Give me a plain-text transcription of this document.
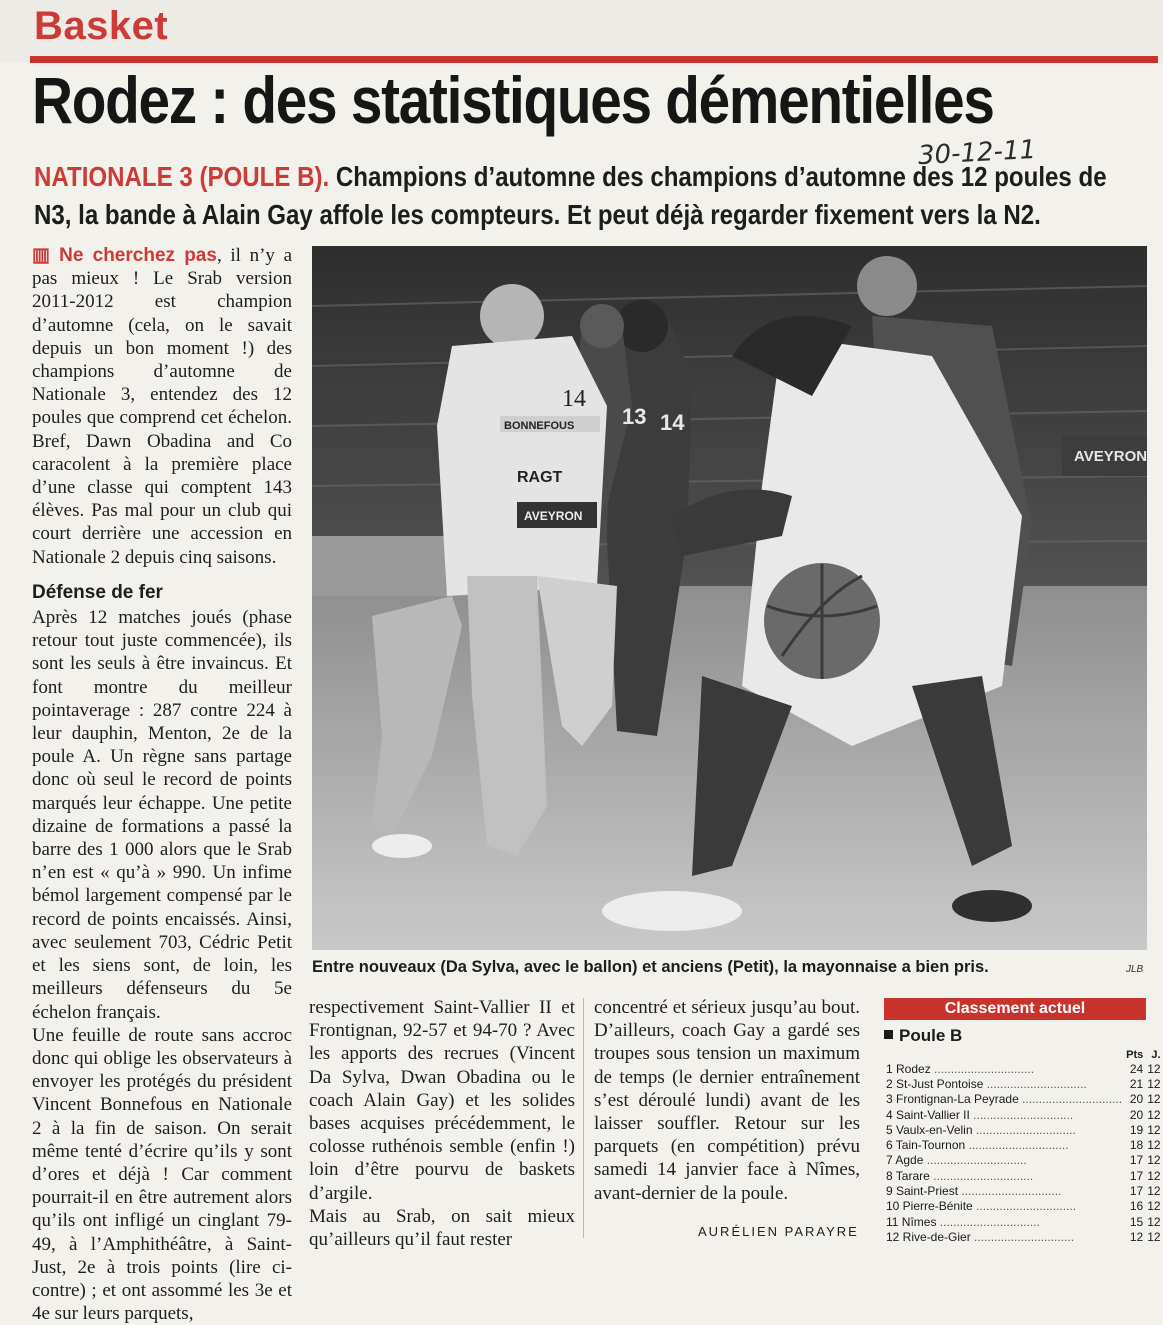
Basket
Rodez : des statistiques démentielles
30-12-11
NATIONALE 3 (POULE B). Champions d’automne des champions d’automne des 12 poules de N3, la bande à Alain Gay affole les compteurs. Et peut déjà regarder fixement vers la N2.

▥ Ne cherchez pas, il n’y a pas mieux ! Le Srab version 2011-2012 est champion d’automne (cela, on le savait depuis un bon moment !) des champions d’automne de Nationale 3, entendez des 12 poules que comprend cet échelon. Bref, Dawn Obadina and Co caracolent à la première place d’une classe qui comptent 143 élèves. Pas mal pour un club qui court derrière une accession en Nationale 2 depuis cinq saisons.

Défense de fer

Après 12 matches joués (phase retour tout juste commencée), ils sont les seuls à être invaincus. Et font montre du meilleur pointaverage : 287 contre 224 à leur dauphin, Menton, 2e de la poule A. Un règne sans partage donc où seul le record de points marqués leur échappe. Une petite dizaine de formations a passé la barre des 1 000 alors que le Srab n’en est « qu’à » 990. Un infime bémol largement compensé par le record de points encaissés. Ainsi, avec seulement 703, Cédric Petit et les siens sont, de loin, les meilleurs défenseurs du 5e échelon français.

Une feuille de route sans accroc donc qui oblige les observateurs à envoyer les protégés du président Vincent Bonnefous en Nationale 2 à la fin de saison. On serait même tenté d’écrire qu’ils y sont d’ores et déjà ! Car comment pourrait-il en être autrement alors qu’ils ont infligé un cinglant 79-49, à l’Amphithéâtre, à Saint-Just, 2e à trois points (lire ci-contre) ; et ont assommé les 3e et 4e sur leurs parquets,

AVEYRON
13 14
14
BONNEFOUS
RAGT
AVEYRON
Entre nouveaux (Da Sylva, avec le ballon) et anciens (Petit), la mayonnaise a bien pris.	JLB

respectivement Saint-Vallier II et Frontignan, 92-57 et 94-70 ? Avec les apports des recrues (Vincent Da Sylva, Dwan Obadina ou le coach Alain Gay) et les solides bases acquises précédemment, le colosse ruthénois semble (enfin !) loin d’être pourvu de baskets d’argile.

Mais au Srab, on sait mieux qu’ailleurs qu’il faut rester

concentré et sérieux jusqu’au bout. D’ailleurs, coach Gay a gardé ses troupes sous tension un maximum de temps (le dernier entraînement s’est déroulé lundi) avant de les laisser souffler. Retour sur les parquets (en compétition) prévu samedi 14 janvier face à Nîmes, avant-dernier de la poule.

AURÉLIEN PARAYRE
Classement actuel
Poule B
	Pts	J.	
1 Rodez ..............................	24	12	
2 St-Just Pontoise ..............................	21	12	
3 Frontignan-La Peyrade ..............................	20	12	
4 Saint-Vallier II ..............................	20	12	
5 Vaulx-en-Velin ..............................	19	12	
6 Tain-Tournon ..............................	18	12	
7 Agde ..............................	17	12	
8 Tarare ..............................	17	12	
9 Saint-Priest ..............................	17	12	
10 Pierre-Bénite ..............................	16	12	
11 Nîmes ..............................	15	12	
12 Rive-de-Gier ..............................	12	12	
